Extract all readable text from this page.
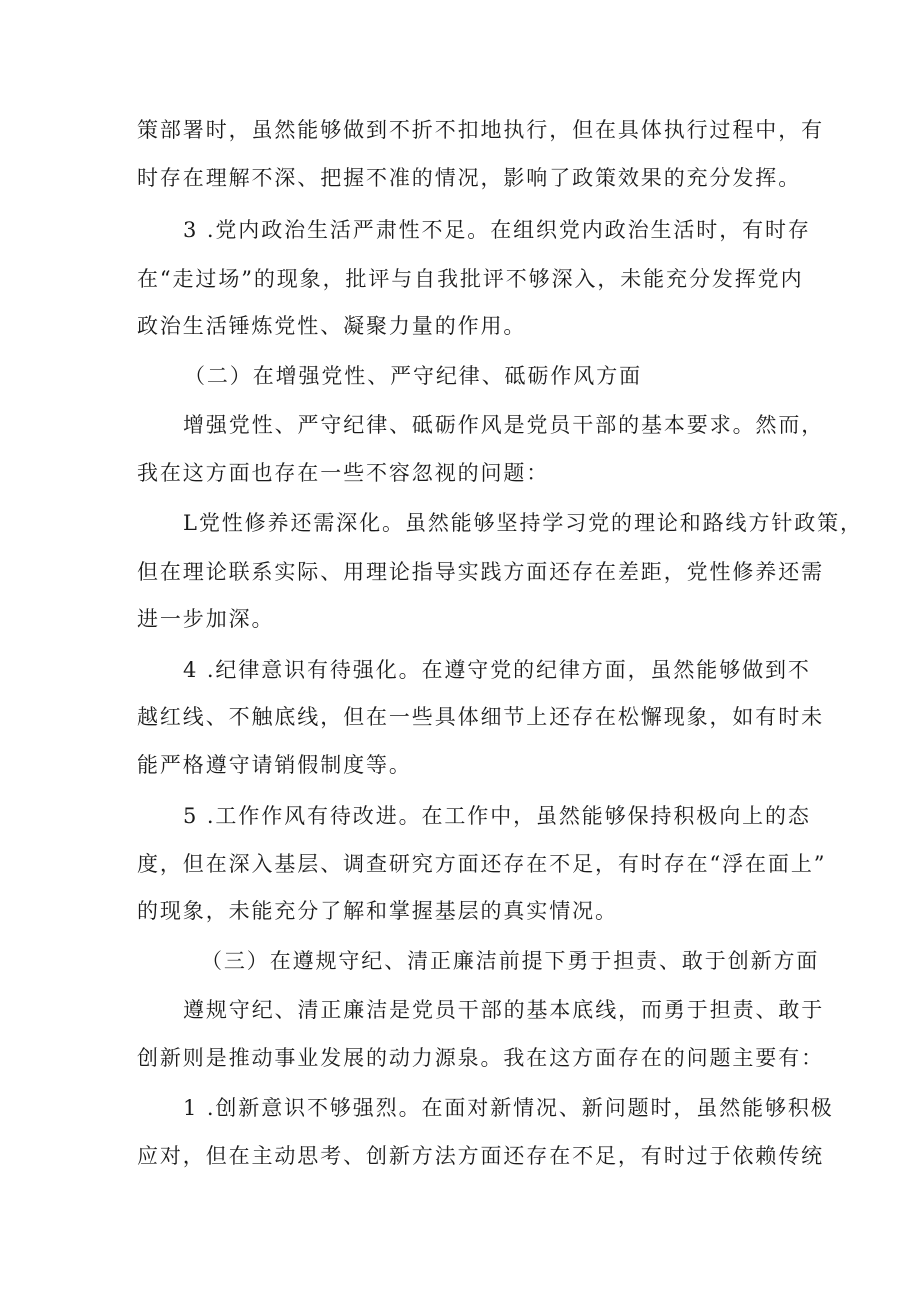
策部署时，虽然能够做到不折不扣地执行，但在具体执行过程中，有
时存在理解不深、把握不准的情况，影响了政策效果的充分发挥。
3 .党内政治生活严肃性不足。在组织党内政治生活时，有时存
在“走过场”的现象，批评与自我批评不够深入，未能充分发挥党内
政治生活锤炼党性、凝聚力量的作用。
（二）在增强党性、严守纪律、砥砺作风方面
增强党性、严守纪律、砥砺作风是党员干部的基本要求。然而，
我在这方面也存在一些不容忽视的问题：
L党性修养还需深化。虽然能够坚持学习党的理论和路线方针政策，
但在理论联系实际、用理论指导实践方面还存在差距，党性修养还需
进一步加深。
4 .纪律意识有待强化。在遵守党的纪律方面，虽然能够做到不
越红线、不触底线，但在一些具体细节上还存在松懈现象，如有时未
能严格遵守请销假制度等。
5 .工作作风有待改进。在工作中，虽然能够保持积极向上的态
度，但在深入基层、调查研究方面还存在不足，有时存在“浮在面上”
的现象，未能充分了解和掌握基层的真实情况。
（三）在遵规守纪、清正廉洁前提下勇于担责、敢于创新方面
遵规守纪、清正廉洁是党员干部的基本底线，而勇于担责、敢于
创新则是推动事业发展的动力源泉。我在这方面存在的问题主要有：
1 .创新意识不够强烈。在面对新情况、新问题时，虽然能够积极
应对，但在主动思考、创新方法方面还存在不足，有时过于依赖传统
